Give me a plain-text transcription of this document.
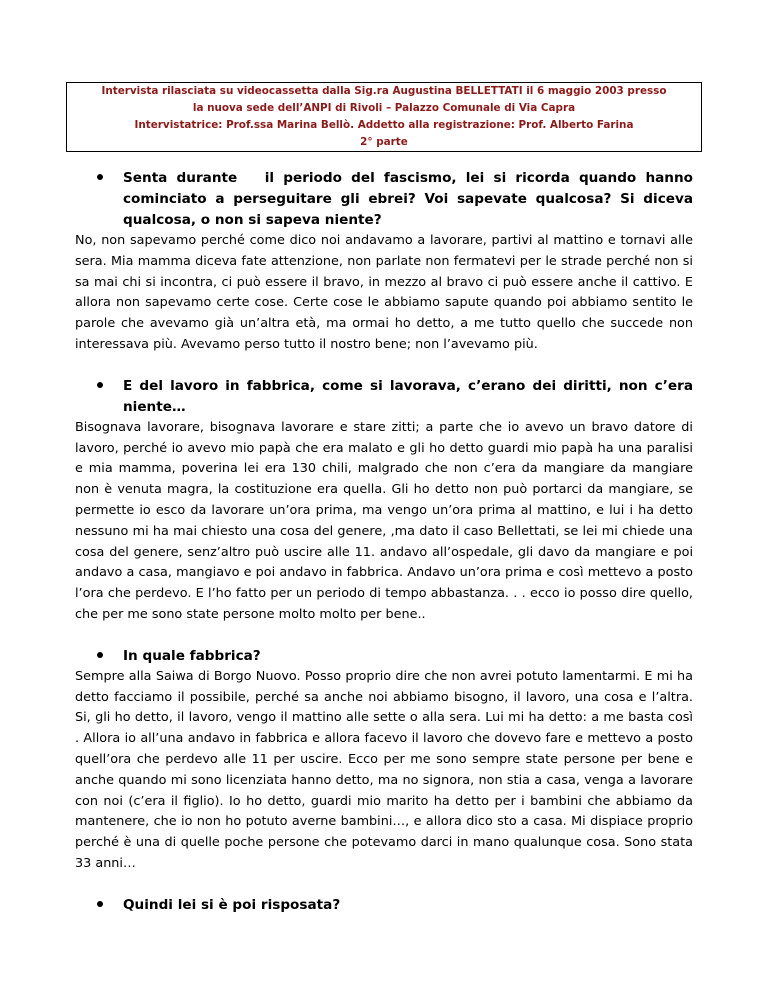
Intervista rilasciata su videocassetta dalla Sig.ra Augustina BELLETTATI il 6 maggio 2003 presso
la nuova sede dell’ANPI di Rivoli – Palazzo Comunale di Via Capra
Intervistatrice: Prof.ssa Marina Bellò. Addetto alla registrazione: Prof. Alberto Farina
2° parte

Senta durante   il periodo del fascismo, lei si ricorda quando hanno cominciato a perseguitare gli ebrei? Voi sapevate qualcosa? Si diceva qualcosa, o non si sapeva niente?

No, non sapevamo perché come dico noi andavamo a lavorare, partivi al mattino e tornavi alle sera. Mia mamma diceva fate attenzione, non parlate non fermatevi per le strade perché non si sa mai chi si incontra, ci può essere il bravo, in mezzo al bravo ci può essere anche il cattivo. E allora non sapevamo certe cose. Certe cose le abbiamo sapute quando poi abbiamo sentito le parole che avevamo già un’altra età, ma ormai ho detto, a me tutto quello che succede non interessava più. Avevamo perso tutto il nostro bene; non l’avevamo più.

E del lavoro in fabbrica, come si lavorava, c’erano dei diritti, non c’era niente…

Bisognava lavorare, bisognava lavorare e stare zitti; a parte che io avevo un bravo datore di lavoro, perché io avevo mio papà che era malato e gli ho detto guardi mio papà ha una paralisi e mia mamma, poverina lei era 130 chili, malgrado che non c’era da mangiare da mangiare non è venuta magra, la costituzione era quella. Gli ho detto non può portarci da mangiare, se permette io esco da lavorare un’ora prima, ma vengo un’ora prima al mattino, e lui i ha detto nessuno mi ha mai chiesto una cosa del genere, ,ma dato il caso Bellettati, se lei mi chiede una cosa del genere, senz’altro può uscire alle 11. andavo all’ospedale, gli davo da mangiare e poi andavo a casa, mangiavo e poi andavo in fabbrica. Andavo un’ora prima e così mettevo a posto l’ora che perdevo. E l’ho fatto per un periodo di tempo abbastanza. . . ecco io posso dire quello, che per me sono state persone molto molto per bene..

In quale fabbrica?

Sempre alla Saiwa di Borgo Nuovo. Posso proprio dire che non avrei potuto lamentarmi. E mi ha detto facciamo il possibile, perché sa anche noi abbiamo bisogno, il lavoro, una cosa e l’altra. Si, gli ho detto, il lavoro, vengo il mattino alle sette o alla sera. Lui mi ha detto: a me basta così . Allora io all’una andavo in fabbrica e allora facevo il lavoro che dovevo fare e mettevo a posto quell’ora che perdevo alle 11 per uscire. Ecco per me sono sempre state persone per bene e anche quando mi sono licenziata hanno detto, ma no signora, non stia a casa, venga a lavorare con noi (c’era il figlio). Io ho detto, guardi mio marito ha detto per i bambini che abbiamo da mantenere, che io non ho potuto averne bambini…, e allora dico sto a casa. Mi dispiace proprio perché è una di quelle poche persone che potevamo darci in mano qualunque cosa. Sono stata 33 anni…

Quindi lei si è poi risposata?
